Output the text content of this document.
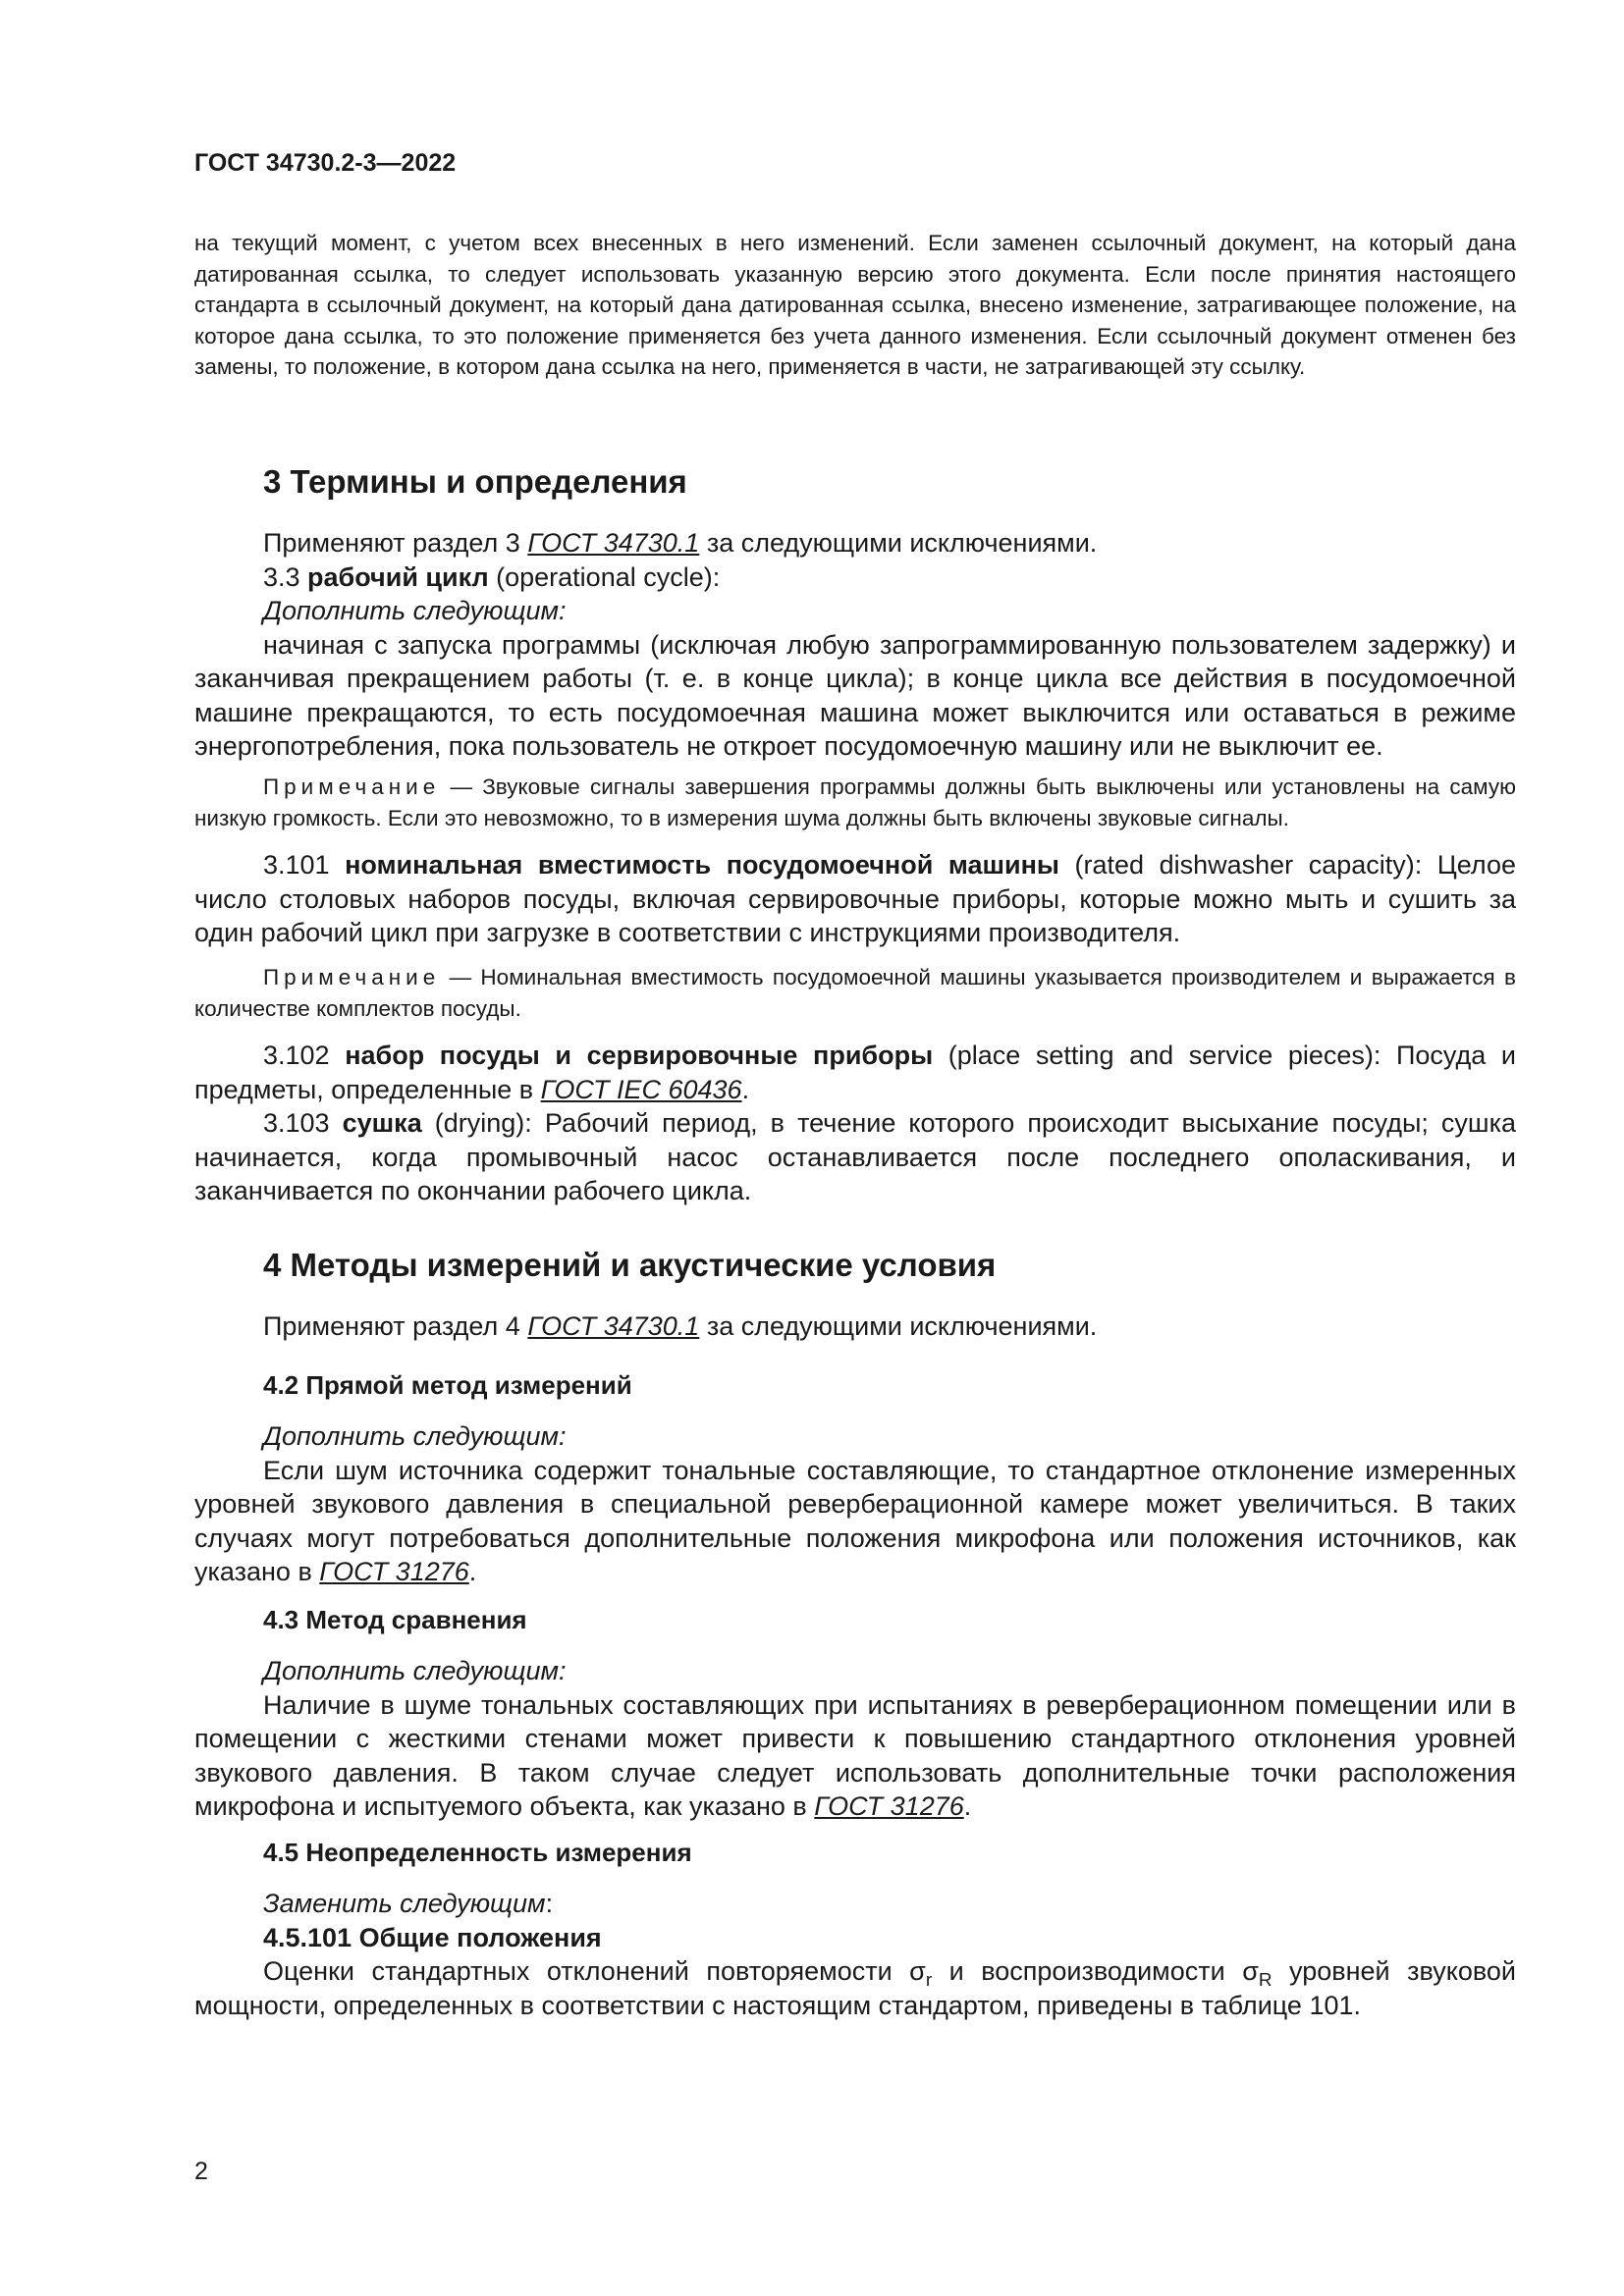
ГОСТ 34730.2-3—2022
на текущий момент, с учетом всех внесенных в него изменений. Если заменен ссылочный документ, на который дана датированная ссылка, то следует использовать указанную версию этого документа. Если после принятия настоящего стандарта в ссылочный документ, на который дана датированная ссылка, внесено изменение, затрагивающее положение, на которое дана ссылка, то это положение применяется без учета данного изменения. Если ссылочный документ отменен без замены, то положение, в котором дана ссылка на него, применяется в части, не затрагивающей эту ссылку.
3 Термины и определения
Применяют раздел 3 ГОСТ 34730.1 за следующими исключениями.
3.3 рабочий цикл (operational cycle):
Дополнить следующим:
начиная с запуска программы (исключая любую запрограммированную пользователем задержку) и заканчивая прекращением работы (т. е. в конце цикла); в конце цикла все действия в посудомоечной машине прекращаются, то есть посудомоечная машина может выключится или оставаться в режиме энергопотребления, пока пользователь не откроет посудомоечную машину или не выключит ее.
Примечание — Звуковые сигналы завершения программы должны быть выключены или установлены на самую низкую громкость. Если это невозможно, то в измерения шума должны быть включены звуковые сигналы.
3.101 номинальная вместимость посудомоечной машины (rated dishwasher capacity): Целое число столовых наборов посуды, включая сервировочные приборы, которые можно мыть и сушить за один рабочий цикл при загрузке в соответствии с инструкциями производителя.
Примечание — Номинальная вместимость посудомоечной машины указывается производителем и выражается в количестве комплектов посуды.
3.102 набор посуды и сервировочные приборы (place setting and service pieces): Посуда и предметы, определенные в ГОСТ IEC 60436.
3.103 сушка (drying): Рабочий период, в течение которого происходит высыхание посуды; сушка начинается, когда промывочный насос останавливается после последнего ополаскивания, и заканчивается по окончании рабочего цикла.
4 Методы измерений и акустические условия
Применяют раздел 4 ГОСТ 34730.1 за следующими исключениями.
4.2 Прямой метод измерений
Дополнить следующим:
Если шум источника содержит тональные составляющие, то стандартное отклонение измеренных уровней звукового давления в специальной реверберационной камере может увеличиться. В таких случаях могут потребоваться дополнительные положения микрофона или положения источников, как указано в ГОСТ 31276.
4.3 Метод сравнения
Дополнить следующим:
Наличие в шуме тональных составляющих при испытаниях в реверберационном помещении или в помещении с жесткими стенами может привести к повышению стандартного отклонения уровней звукового давления. В таком случае следует использовать дополнительные точки расположения микрофона и испытуемого объекта, как указано в ГОСТ 31276.
4.5 Неопределенность измерения
Заменить следующим:
4.5.101 Общие положения
Оценки стандартных отклонений повторяемости $\sigma_r$ и воспроизводимости $\sigma_R$ уровней звуковой мощности, определенных в соответствии с настоящим стандартом, приведены в таблице 101.
2
